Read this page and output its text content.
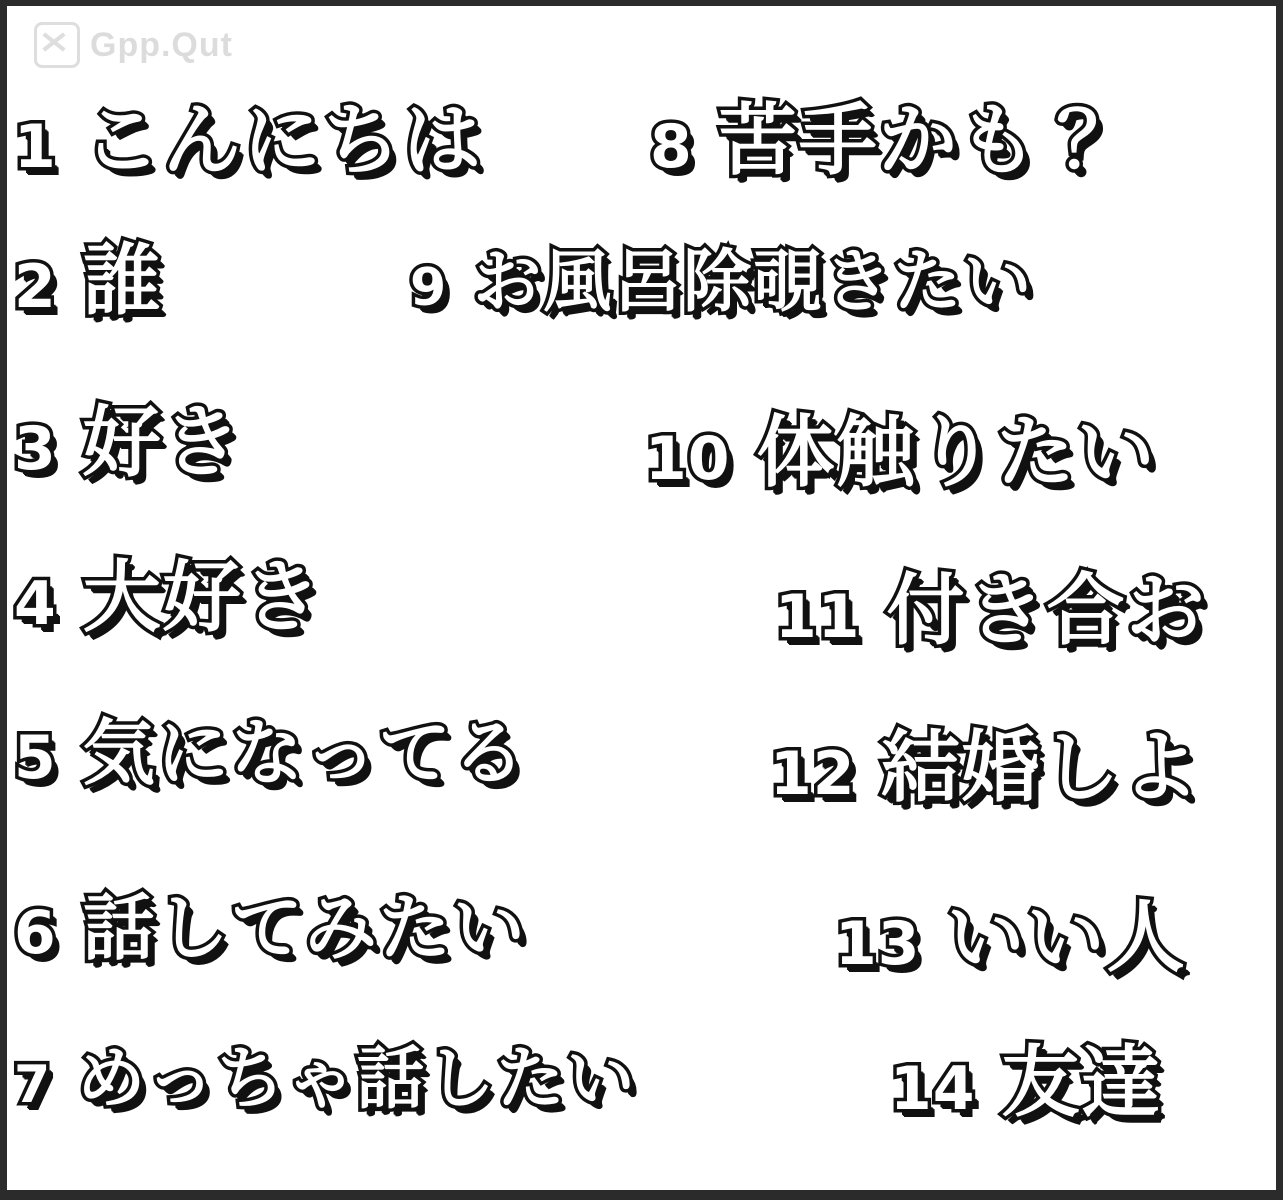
Gpp.Qut
1 こんにちは
2 誰
3 好き
4 大好き
5 気になってる
6 話してみたい
7 めっちゃ話したい
8 苦手かも？
9 お風呂除覗きたい
10 体触りたい
11 付き合お
12 結婚しよ
13 いい人
14 友達
